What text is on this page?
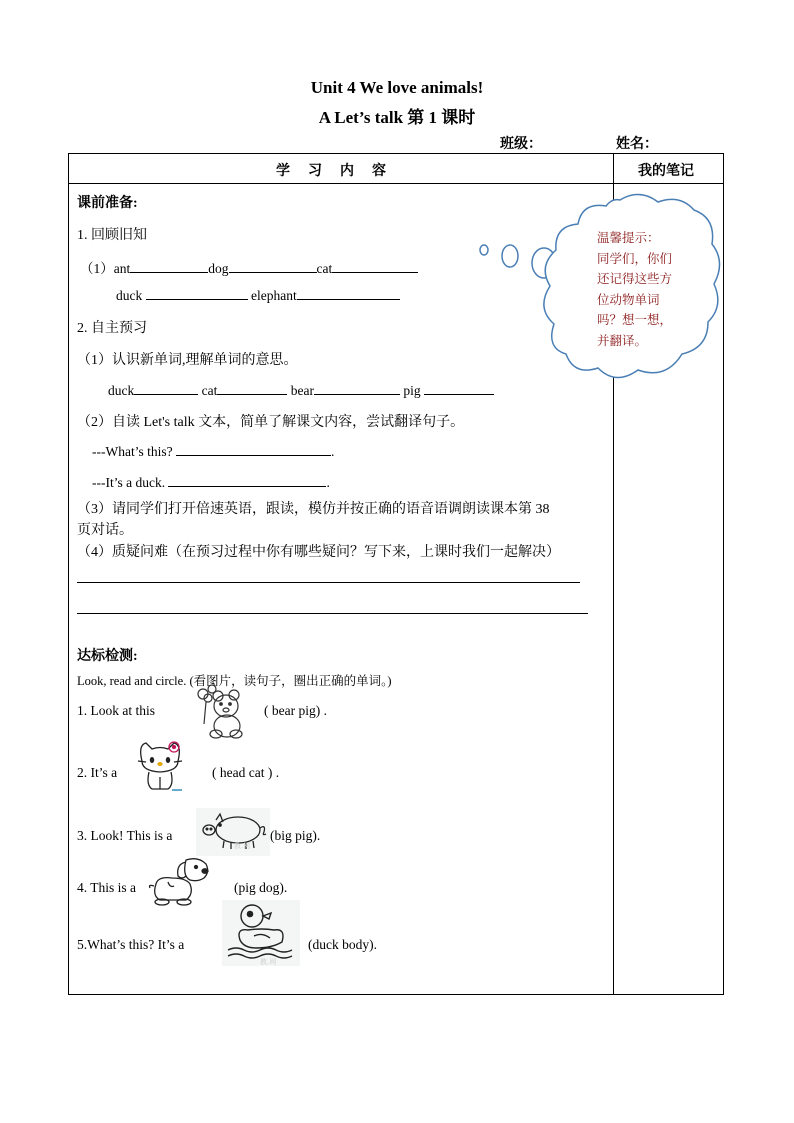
Unit 4 We love animals!
A Let’s talk 第 1 课时
班级：	姓名：
学　习　内　容	我的笔记
课前准备:
1. 回顾旧知
（1）ant	dog	cat
duck	elephant
2. 自主预习
（1）认识新单词,理解单词的意思。
duck	cat	bear	pig
（2）自读 Let's talk 文本，简单了解课文内容，尝试翻译句子。
---What’s this?	.
---It’s a duck.	.
（3）请同学们打开倍速英语，跟读，模仿并按正确的语音语调朗读课本第 38
页对话。
（4）质疑问难（在预习过程中你有哪些疑问？写下来，上课时我们一起解决）
达标检测:
Look, read and circle. (看图片，读句子，圈出正确的单词。)
1. Look at this	( bear pig) .
2. It’s a	( head cat ) .
3. Look! This is a	(big pig).
4. This is a	(pig dog).
5.What’s this? It’s a	(duck body).
教.网
教.网
温馨提示：
同学们，你们
还记得这些方
位动物单词
吗？想一想，
并翻译。
